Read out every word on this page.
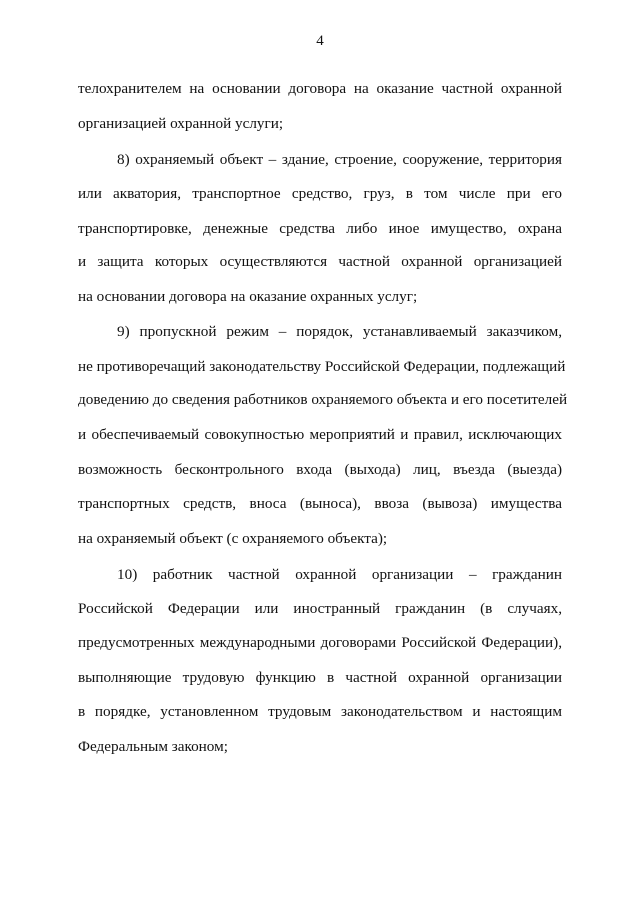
4
телохранителем на основании договора на оказание частной охранной
организацией охранной услуги;
8) охраняемый объект – здание, строение, сооружение, территория
или акватория, транспортное средство, груз, в том числе при его
транспортировке, денежные средства либо иное имущество, охрана
и защита которых осуществляются частной охранной организацией
на основании договора на оказание охранных услуг;
9) пропускной режим – порядок, устанавливаемый заказчиком,
не противоречащий законодательству Российской Федерации, подлежащий
доведению до сведения работников охраняемого объекта и его посетителей
и обеспечиваемый совокупностью мероприятий и правил, исключающих
возможность бесконтрольного входа (выхода) лиц, въезда (выезда)
транспортных средств, вноса (выноса), ввоза (вывоза) имущества
на охраняемый объект (с охраняемого объекта);
10) работник частной охранной организации – гражданин
Российской Федерации или иностранный гражданин (в случаях,
предусмотренных международными договорами Российской Федерации),
выполняющие трудовую функцию в частной охранной организации
в порядке, установленном трудовым законодательством и настоящим
Федеральным законом;
